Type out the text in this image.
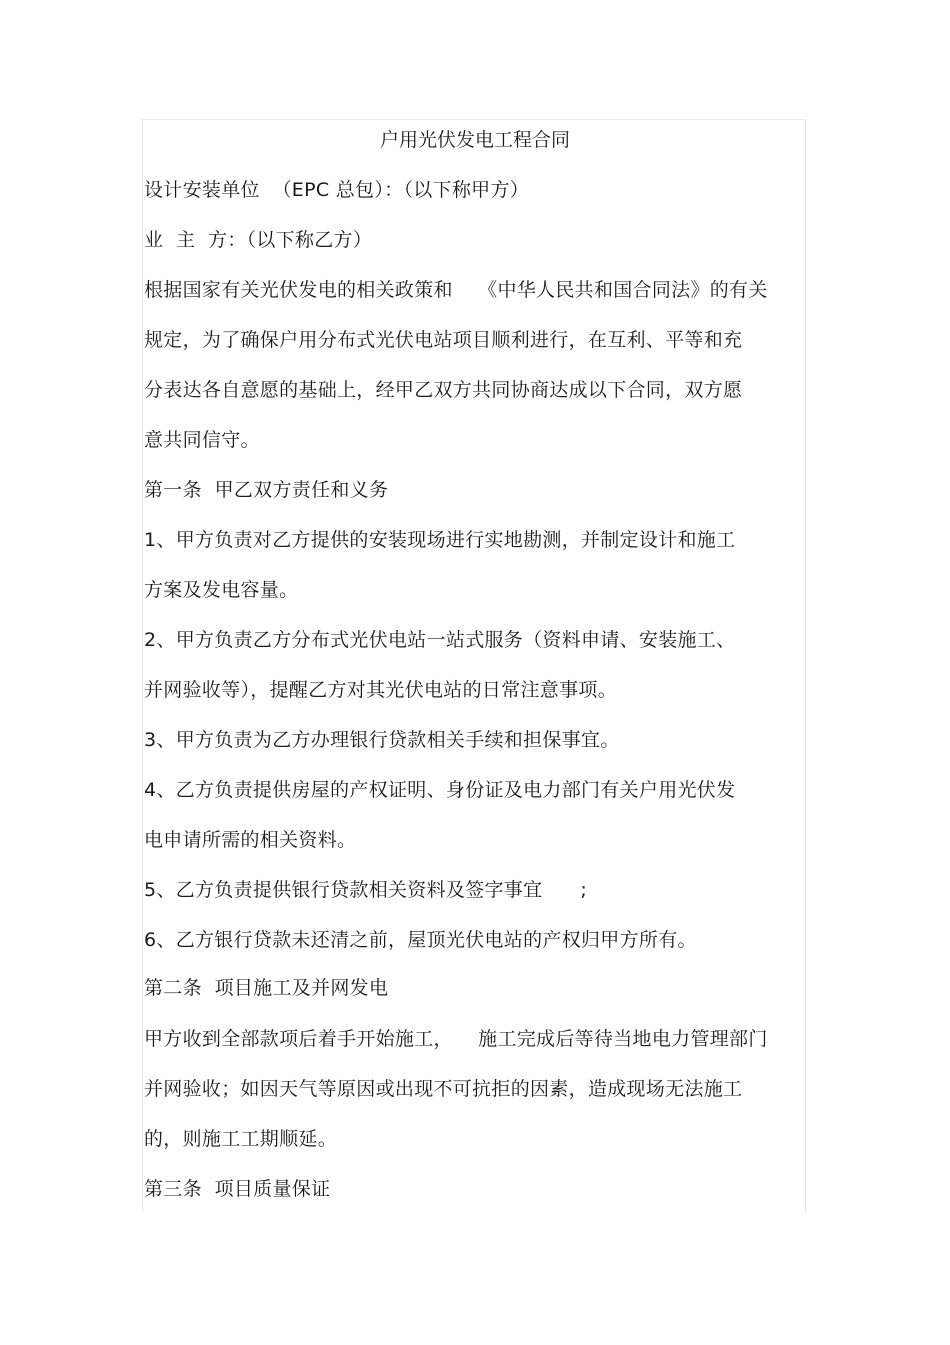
户用光伏发电工程合同
设计安装单位  （EPC 总包）：（以下称甲方）
业  主  方：（以下称乙方）
根据国家有关光伏发电的相关政策和    《中华人民共和国合同法》的有关
规定，为了确保户用分布式光伏电站项目顺利进行，在互利、平等和充
分表达各自意愿的基础上，经甲乙双方共同协商达成以下合同，双方愿
意共同信守。
第一条  甲乙双方责任和义务
1、甲方负责对乙方提供的安装现场进行实地勘测，并制定设计和施工
方案及发电容量。
2、甲方负责乙方分布式光伏电站一站式服务（资料申请、安装施工、
并网验收等），提醒乙方对其光伏电站的日常注意事项。
3、甲方负责为乙方办理银行贷款相关手续和担保事宜。
4、乙方负责提供房屋的产权证明、身份证及电力部门有关户用光伏发
电申请所需的相关资料。
5、乙方负责提供银行贷款相关资料及签字事宜      ;
6、乙方银行贷款未还清之前，屋顶光伏电站的产权归甲方所有。
第二条  项目施工及并网发电
甲方收到全部款项后着手开始施工，    施工完成后等待当地电力管理部门
并网验收；如因天气等原因或出现不可抗拒的因素，造成现场无法施工
的，则施工工期顺延。
第三条  项目质量保证
